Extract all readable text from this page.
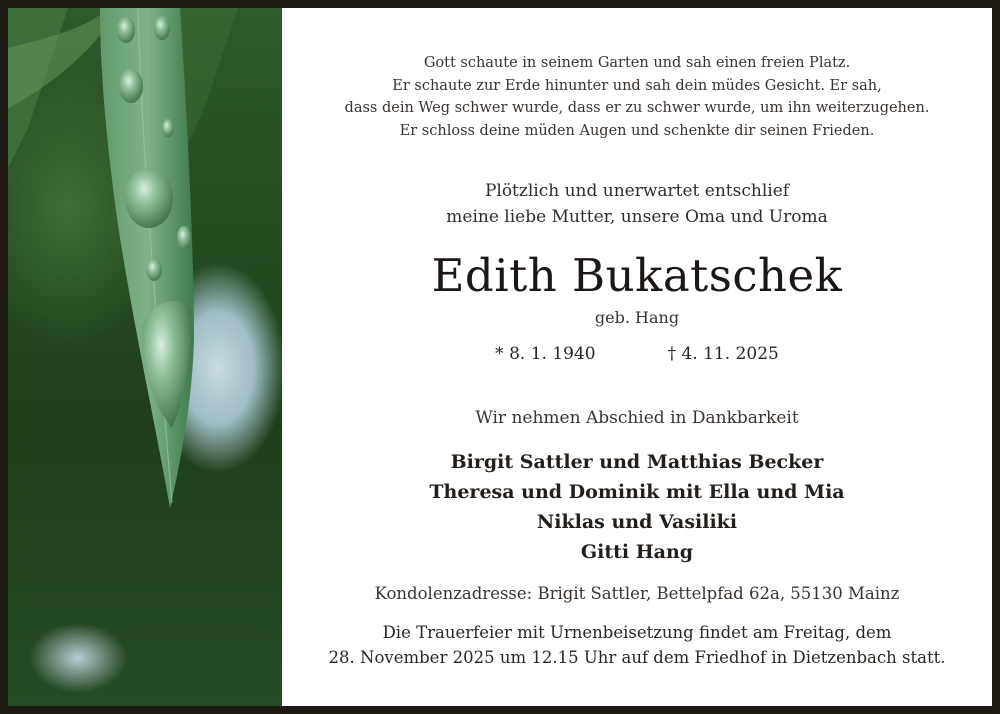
Gott schaute in seinem Garten und sah einen freien Platz.
Er schaute zur Erde hinunter und sah dein müdes Gesicht. Er sah,
dass dein Weg schwer wurde, dass er zu schwer wurde, um ihn weiterzugehen.
Er schloss deine müden Augen und schenkte dir seinen Frieden.
Plötzlich und unerwartet entschlief
meine liebe Mutter, unsere Oma und Uroma
Edith Bukatschek
geb. Hang
* 8. 1. 1940	† 4. 11. 2025
Wir nehmen Abschied in Dankbarkeit
Birgit Sattler und Matthias Becker
Theresa und Dominik mit Ella und Mia
Niklas und Vasiliki
Gitti Hang
Kondolenzadresse: Brigit Sattler, Bettelpfad 62a, 55130 Mainz
Die Trauerfeier mit Urnenbeisetzung findet am Freitag, dem
28. November 2025 um 12.15 Uhr auf dem Friedhof in Dietzenbach statt.
